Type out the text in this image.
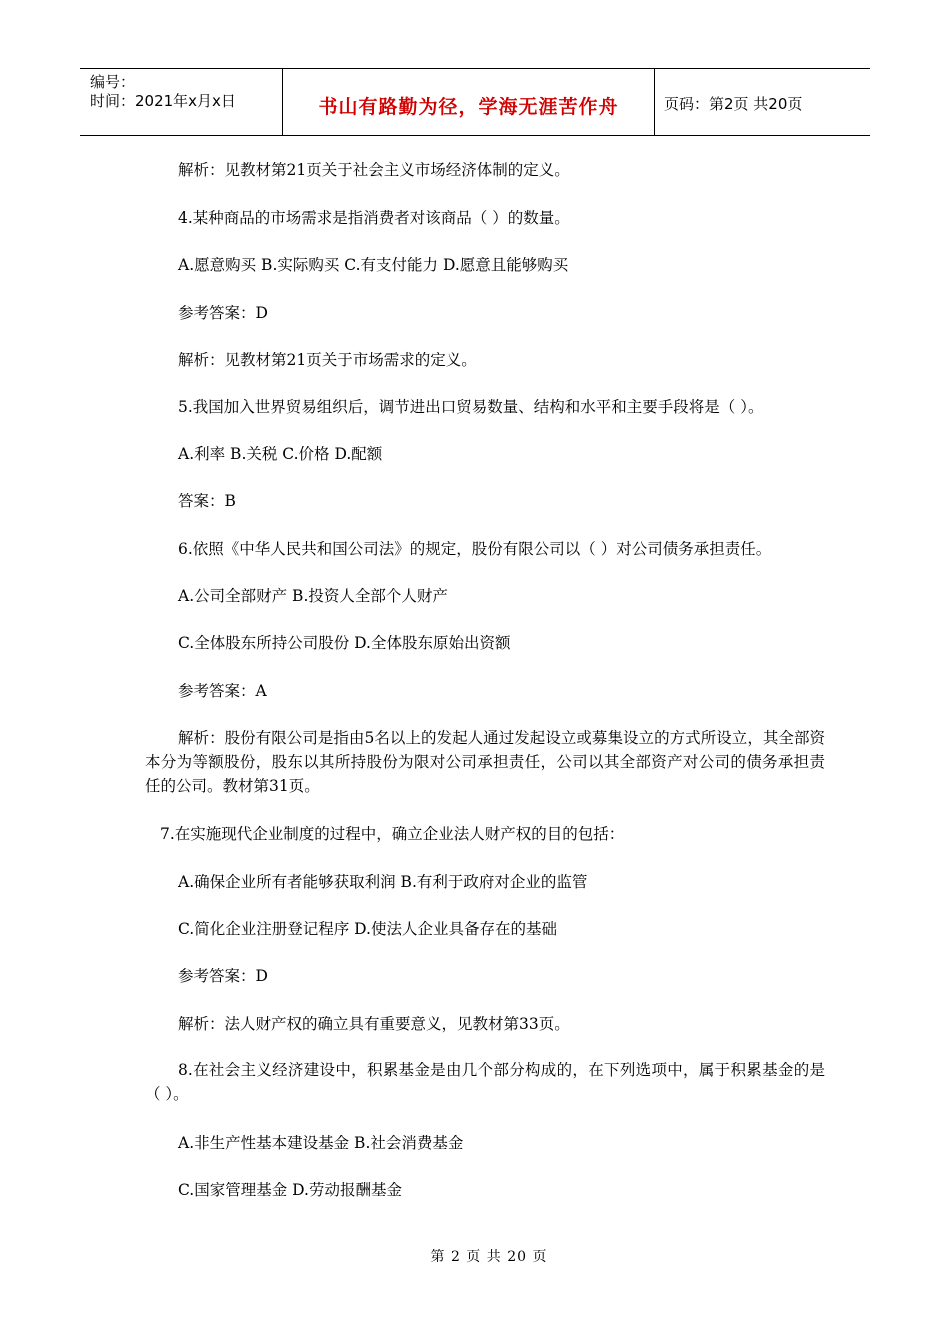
编号：
时间：2021年x月x日	书山有路勤为径，学海无涯苦作舟	页码：第2页 共20页
解析：见教材第21页关于社会主义市场经济体制的定义。
4.某种商品的市场需求是指消费者对该商品（ ）的数量。
A.愿意购买 B.实际购买 C.有支付能力 D.愿意且能够购买
参考答案：D
解析：见教材第21页关于市场需求的定义。
5.我国加入世界贸易组织后，调节进出口贸易数量、结构和水平和主要手段将是（ ）。
A.利率 B.关税 C.价格 D.配额
答案：B
6.依照《中华人民共和国公司法》的规定，股份有限公司以（ ）对公司债务承担责任。
A.公司全部财产 B.投资人全部个人财产
C.全体股东所持公司股份 D.全体股东原始出资额
参考答案：A
解析：股份有限公司是指由5名以上的发起人通过发起设立或募集设立的方式所设立，其全部资本分为等额股份，股东以其所持股份为限对公司承担责任，公司以其全部资产对公司的债务承担责任的公司。教材第31页。
7.在实施现代企业制度的过程中，确立企业法人财产权的目的包括：
A.确保企业所有者能够获取利润 B.有利于政府对企业的监管
C.简化企业注册登记程序 D.使法人企业具备存在的基础
参考答案：D
解析：法人财产权的确立具有重要意义，见教材第33页。
8.在社会主义经济建设中，积累基金是由几个部分构成的，在下列选项中，属于积累基金的是（ ）。
A.非生产性基本建设基金 B.社会消费基金
C.国家管理基金 D.劳动报酬基金
第 2 页 共 20 页
